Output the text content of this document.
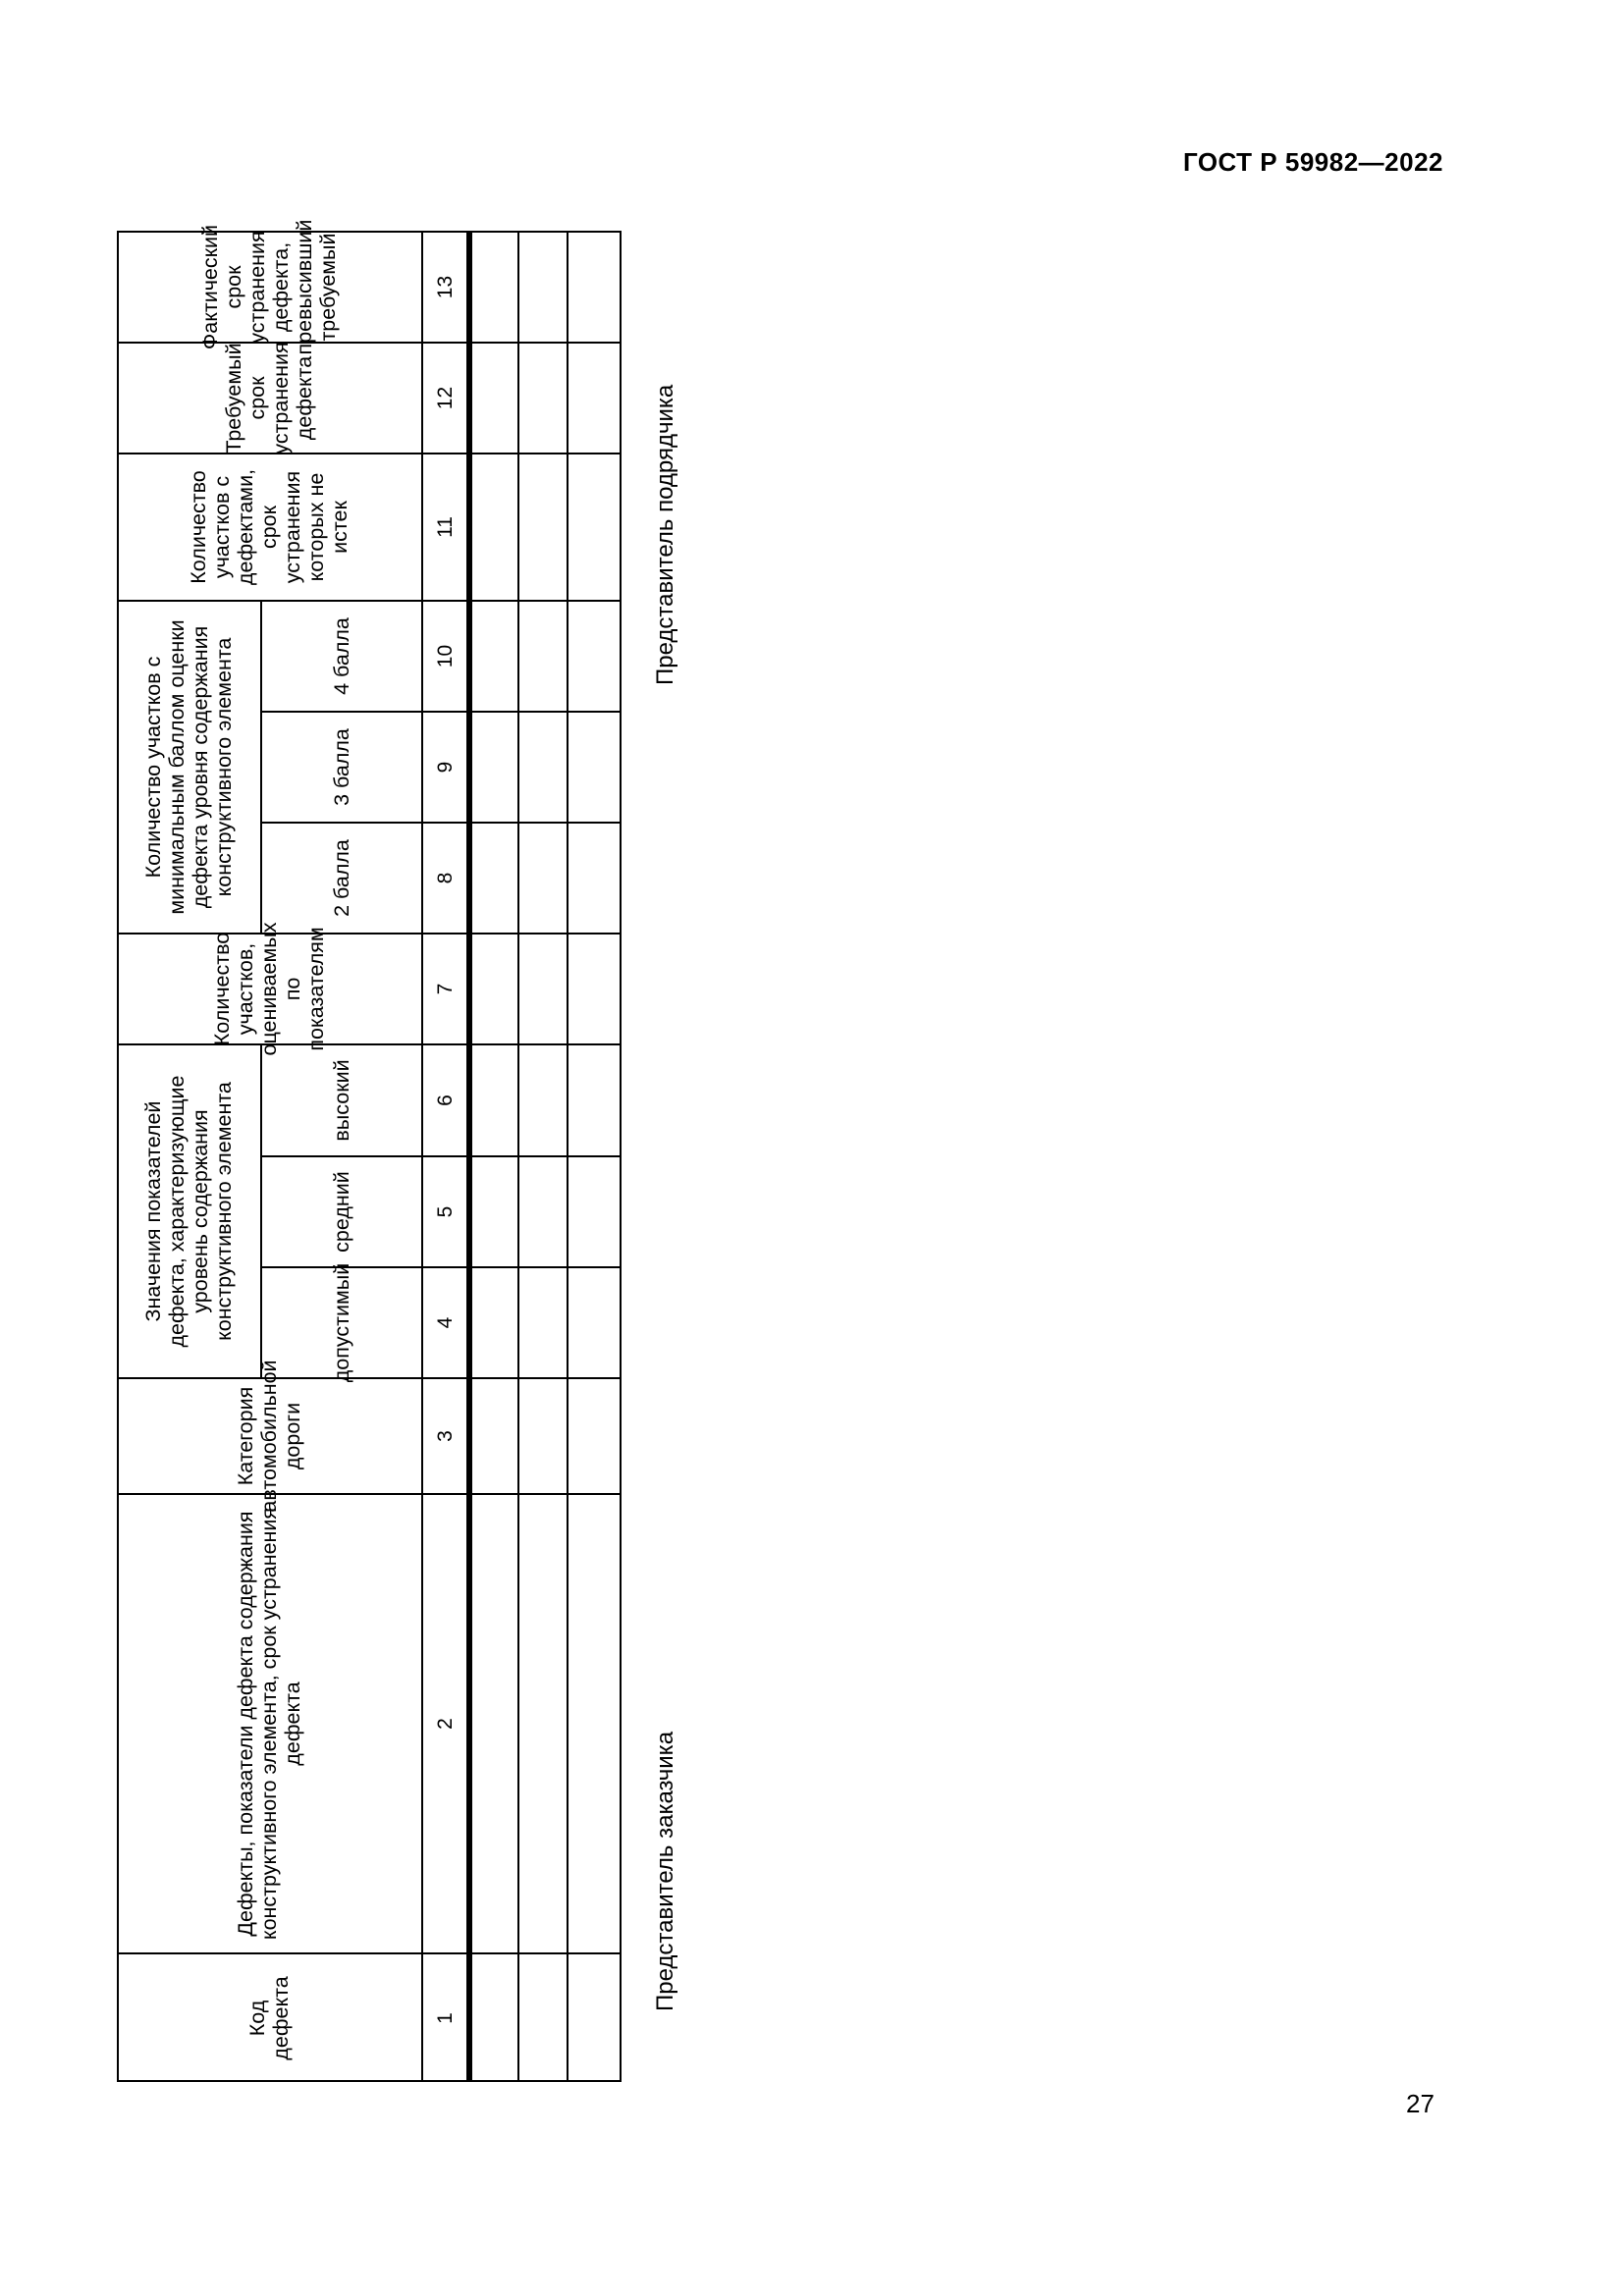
ГОСТ Р 59982—2022
Код дефекта
Дефекты, показатели дефекта содержания конструктивного элемента, срок устранения дефекта
Категория автомобильной дороги
Значения показателей дефекта, характеризующие уровень содержания конструктивного элемента	допустимый
средний
высокий
Количество участков, оцениваемых по показателям
Количество участков с минимальным баллом оценки дефекта уровня содержания конструктивного элемента	2 балла
3 балла
4 балла
Количество участков с дефектами, срок устранения которых не истек
Требуемый срок устранения дефекта
Фактический срок устранения дефекта, превысивший требуемый
1
2
3
4
5
6
7
8
9
10
11
12
13
Представитель заказчика
Представитель подрядчика
27
